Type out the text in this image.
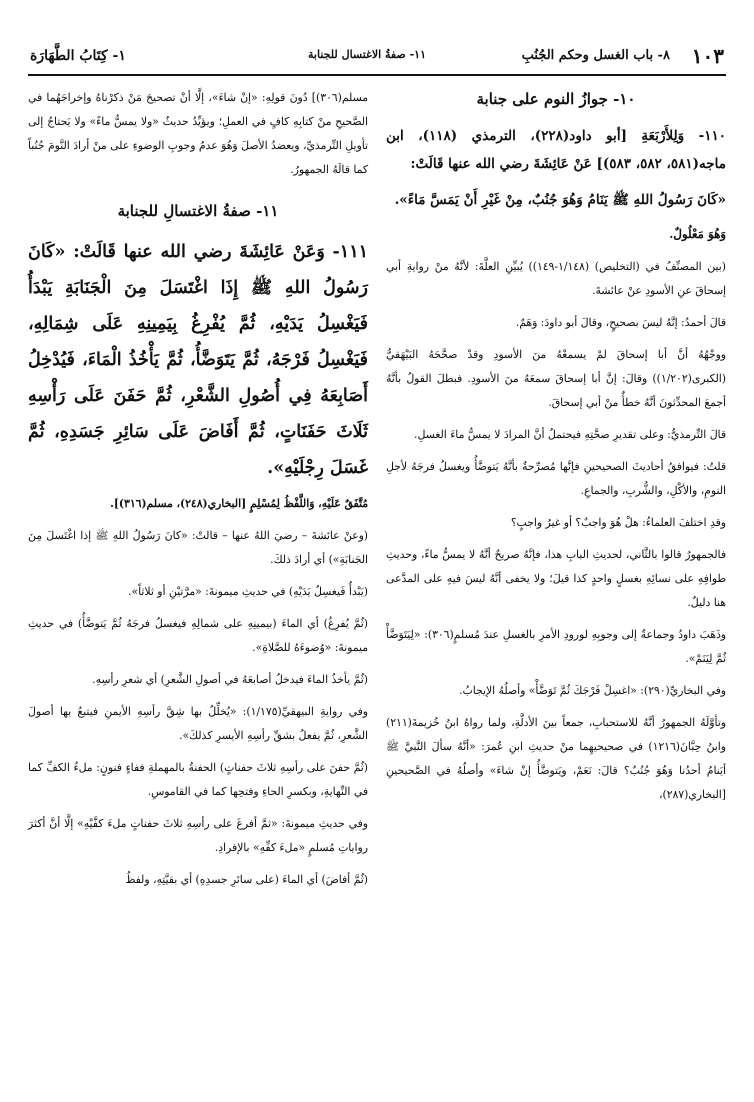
١٠٣
٨- باب الغسل وحكم الجُنُبِ
١١- صفةُ الاغتسال للجنابة
١- كِتَابُ الطَّهَارَة
١٠- جوازُ النوم على جنابة

١١٠- وَلِلأَرْبَعَةِ [أبو داود(٢٢٨)، الترمذي (١١٨)، ابن ماجه(٥٨١، ٥٨٢، ٥٨٣)] عَنْ عَائِشَةَ رضي الله عنها قَالَتْ:

«كَانَ رَسُولُ اللهِ ﷺ يَنَامُ وَهُوَ جُنُبٌ، مِنْ غَيْرِ أَنْ يَمَسَّ مَاءً».

وَهُوَ مَعْلُولٌ.

(بين المصنِّفُ في (التخليص) (١/١٤٨-١٤٩)) يُبيِّنِ العلَّةَ: لأنَّهُ منْ روايةِ أبي إسحاقَ عنِ الأسودِ عنْ عائشةَ.

قالَ أحمدُ: إنَّهُ ليسَ بصحيحٍ، وقالَ أبو داودَ: وَهَمٌ.

ووجْهُهُ أنَّ أبا إسحاقَ لمْ يسمعْهُ منَ الأسودِ وقدْ صحَّحَهُ البَيْهَقيُّ (الكبرى(١/٢٠٢)) وقالَ: إنَّ أبا إسحاقَ سمعَهُ منَ الأسودِ. فبطلَ القولُ بأنَّهُ أجمعَ المحدِّثونَ أنَّهُ خطأٌ منْ أبي إسحاقَ.

قالَ التِّرمذيُّ: وعلى تقديرِ صحَّتِهِ فيحتملُ أنَّ المرادَ لا يمسُّ ماءَ الغسلِ.

قلتُ: فيوافقُ أحاديثَ الصحيحينِ فإنَّها مُصرِّحةٌ بأنَّهُ يَتوضَّأُ ويغسلُ فرجَهُ لأجلِ النومِ، والأكْلِ، والشُّربِ، والجماعِ.

وقدِ اختلفَ العلماءُ: هلْ هُوَ واجبٌ؟ أو غيرُ واجبٍ؟

فالجمهورُ قالوا بالثَّاني، لحديثِ البابِ هذا، فإنَّهُ صريحٌ أنَّهُ لا يمسُّ ماءً، وحديثِ طوافِهِ على نسائِهِ بغسلٍ واحدٍ كذا قيلَ؛ ولا يخفى أنَّهُ ليسَ فيهِ على المدَّعى هنا دليلٌ.

وذَهَبَ داودُ وجماعةٌ إلى وجوبِهِ لورودِ الأمرِ بالغسلِ عندَ مُسلمٍ(٣٠٦): «لِيَتَوَضَّأْ ثُمَّ لِيَنَمْ».

وفي البخاريِّ(٢٩٠): «اغسِلْ فَرْجَكَ ثُمَّ تَوَضَّأْ» وأصلُهُ الإيجابُ.

وتأوَّلَهُ الجمهورُ أنَّهُ للاستحبابِ، جمعاً بينَ الأدلَّةِ، ولما رواهُ ابنُ خُزيمةَ(٢١١) وابنُ حِبَّانَ(١٢١٦) في صحيحيهِما منْ حديثِ ابنِ عُمرَ: «أنَّهُ سألَ النَّبيَّ ﷺ أيَنامُ أحدُنا وَهُوَ جُنُبٌ؟ قالَ: نَعَمْ، ويَتوضَّأُ إنْ شاءَ» وأصلُهُ في الصَّحيحينِ [البخاري(٢٨٧)،

مسلم(٣٠٦)] دُونَ قولِهِ: «إنْ شاءَ»، إلَّا أنْ تصحيحَ مَنْ ذكرْناهُ وإخراجَهُما في الصَّحيحِ منْ كتابِهِ كافٍ في العملِ؛ ويؤيِّدُ حديثُ «ولا يمسُّ ماءً» ولا يَحتاجُ إلى تأويلِ التِّرمذيِّ، ويعضدُ الأصلَ وَهُوَ عدمُ وجوبِ الوضوءِ على منْ أرادَ النَّومَ جُنُباً كما قالَهُ الجمهورُ.

١١- صفةُ الاغتسالِ للجنابة

١١١- وَعَنْ عَائِشَةَ رضي الله عنها قَالَتْ: «كَانَ رَسُولُ اللهِ ﷺ إِذَا اغْتَسَلَ مِنَ الْجَنَابَةِ يَبْدَأُ فَيَغْسِلُ يَدَيْهِ، ثُمَّ يُفْرِغُ بِيَمِينِهِ عَلَى شِمَالِهِ، فَيَغْسِلُ فَرْجَهُ، ثُمَّ يَتَوَضَّأُ، ثُمَّ يَأْخُذُ الْمَاءَ، فَيُدْخِلُ أَصَابِعَهُ فِي أُصُولِ الشَّعْرِ، ثُمَّ حَفَنَ عَلَى رَأْسِهِ ثَلَاثَ حَفَنَاتٍ، ثُمَّ أَفَاضَ عَلَى سَائِرِ جَسَدِهِ، ثُمَّ غَسَلَ رِجْلَيْهِ».

مُتَّفَقٌ عَلَيْهِ، وَاللَّفْظُ لِمُسْلِمٍ [البخاري(٢٤٨)، مسلم(٣١٦)].

(وعنْ عائشةَ – رضيَ اللهُ عنها – قالتْ: «كانَ رَسُولُ اللهِ ﷺ إذا اغْتَسلَ مِنَ الجَنابَةِ») أي أرادَ ذلكَ.

(يَبْدأُ فَيغسِلُ يَدَيْهِ) في حديثِ ميمونةَ: «مرَّتيْنِ أو ثلاثاً».

(ثُمَّ يُفرِغُ) أي الماءَ (بيمينِهِ على شمالِهِ فيغسلُ فرجَهُ ثُمَّ يَتوضَّأُ) في حديثِ ميمونةَ: «وُضوءَهُ للصَّلاةِ».

(ثُمَّ يأخذُ الماءَ فيدخلُ أصابعَهُ في أصولِ الشَّعرِ) أي شعرِ رأسِهِ.

وفي روايةِ البيهقيِّ(١/١٧٥): «يُخلِّلُ بها شِقَّ رأسِهِ الأيمنِ فيتبعُ بها أصولَ الشَّعرِ، ثُمَّ يفعلُ بشقِّ رأسِهِ الأيسرِ كذلكَ».

(ثُمَّ حفنَ على رأسِهِ ثلاثَ حفناتٍ) الحفنةُ بالمهملةِ ففاءٍ فنونٍ: ملءُ الكفِّ كما في النِّهايةِ، وبكسرِ الحاءِ وفتحِها كما في القاموسِ.

وفي حديثِ ميمونةَ: «ثمَّ أفرغَ على رأسِهِ ثلاثَ حفناتٍ ملءَ كفَّيْهِ» إلَّا أنَّ أكثرَ رواياتِ مُسلمٍ «ملءَ كفِّهِ» بالإفرادِ.

(ثُمَّ أفاضَ) أي الماءَ (على سائرِ جسدِهِ) أي بقيَّتِهِ، ولفظُ
